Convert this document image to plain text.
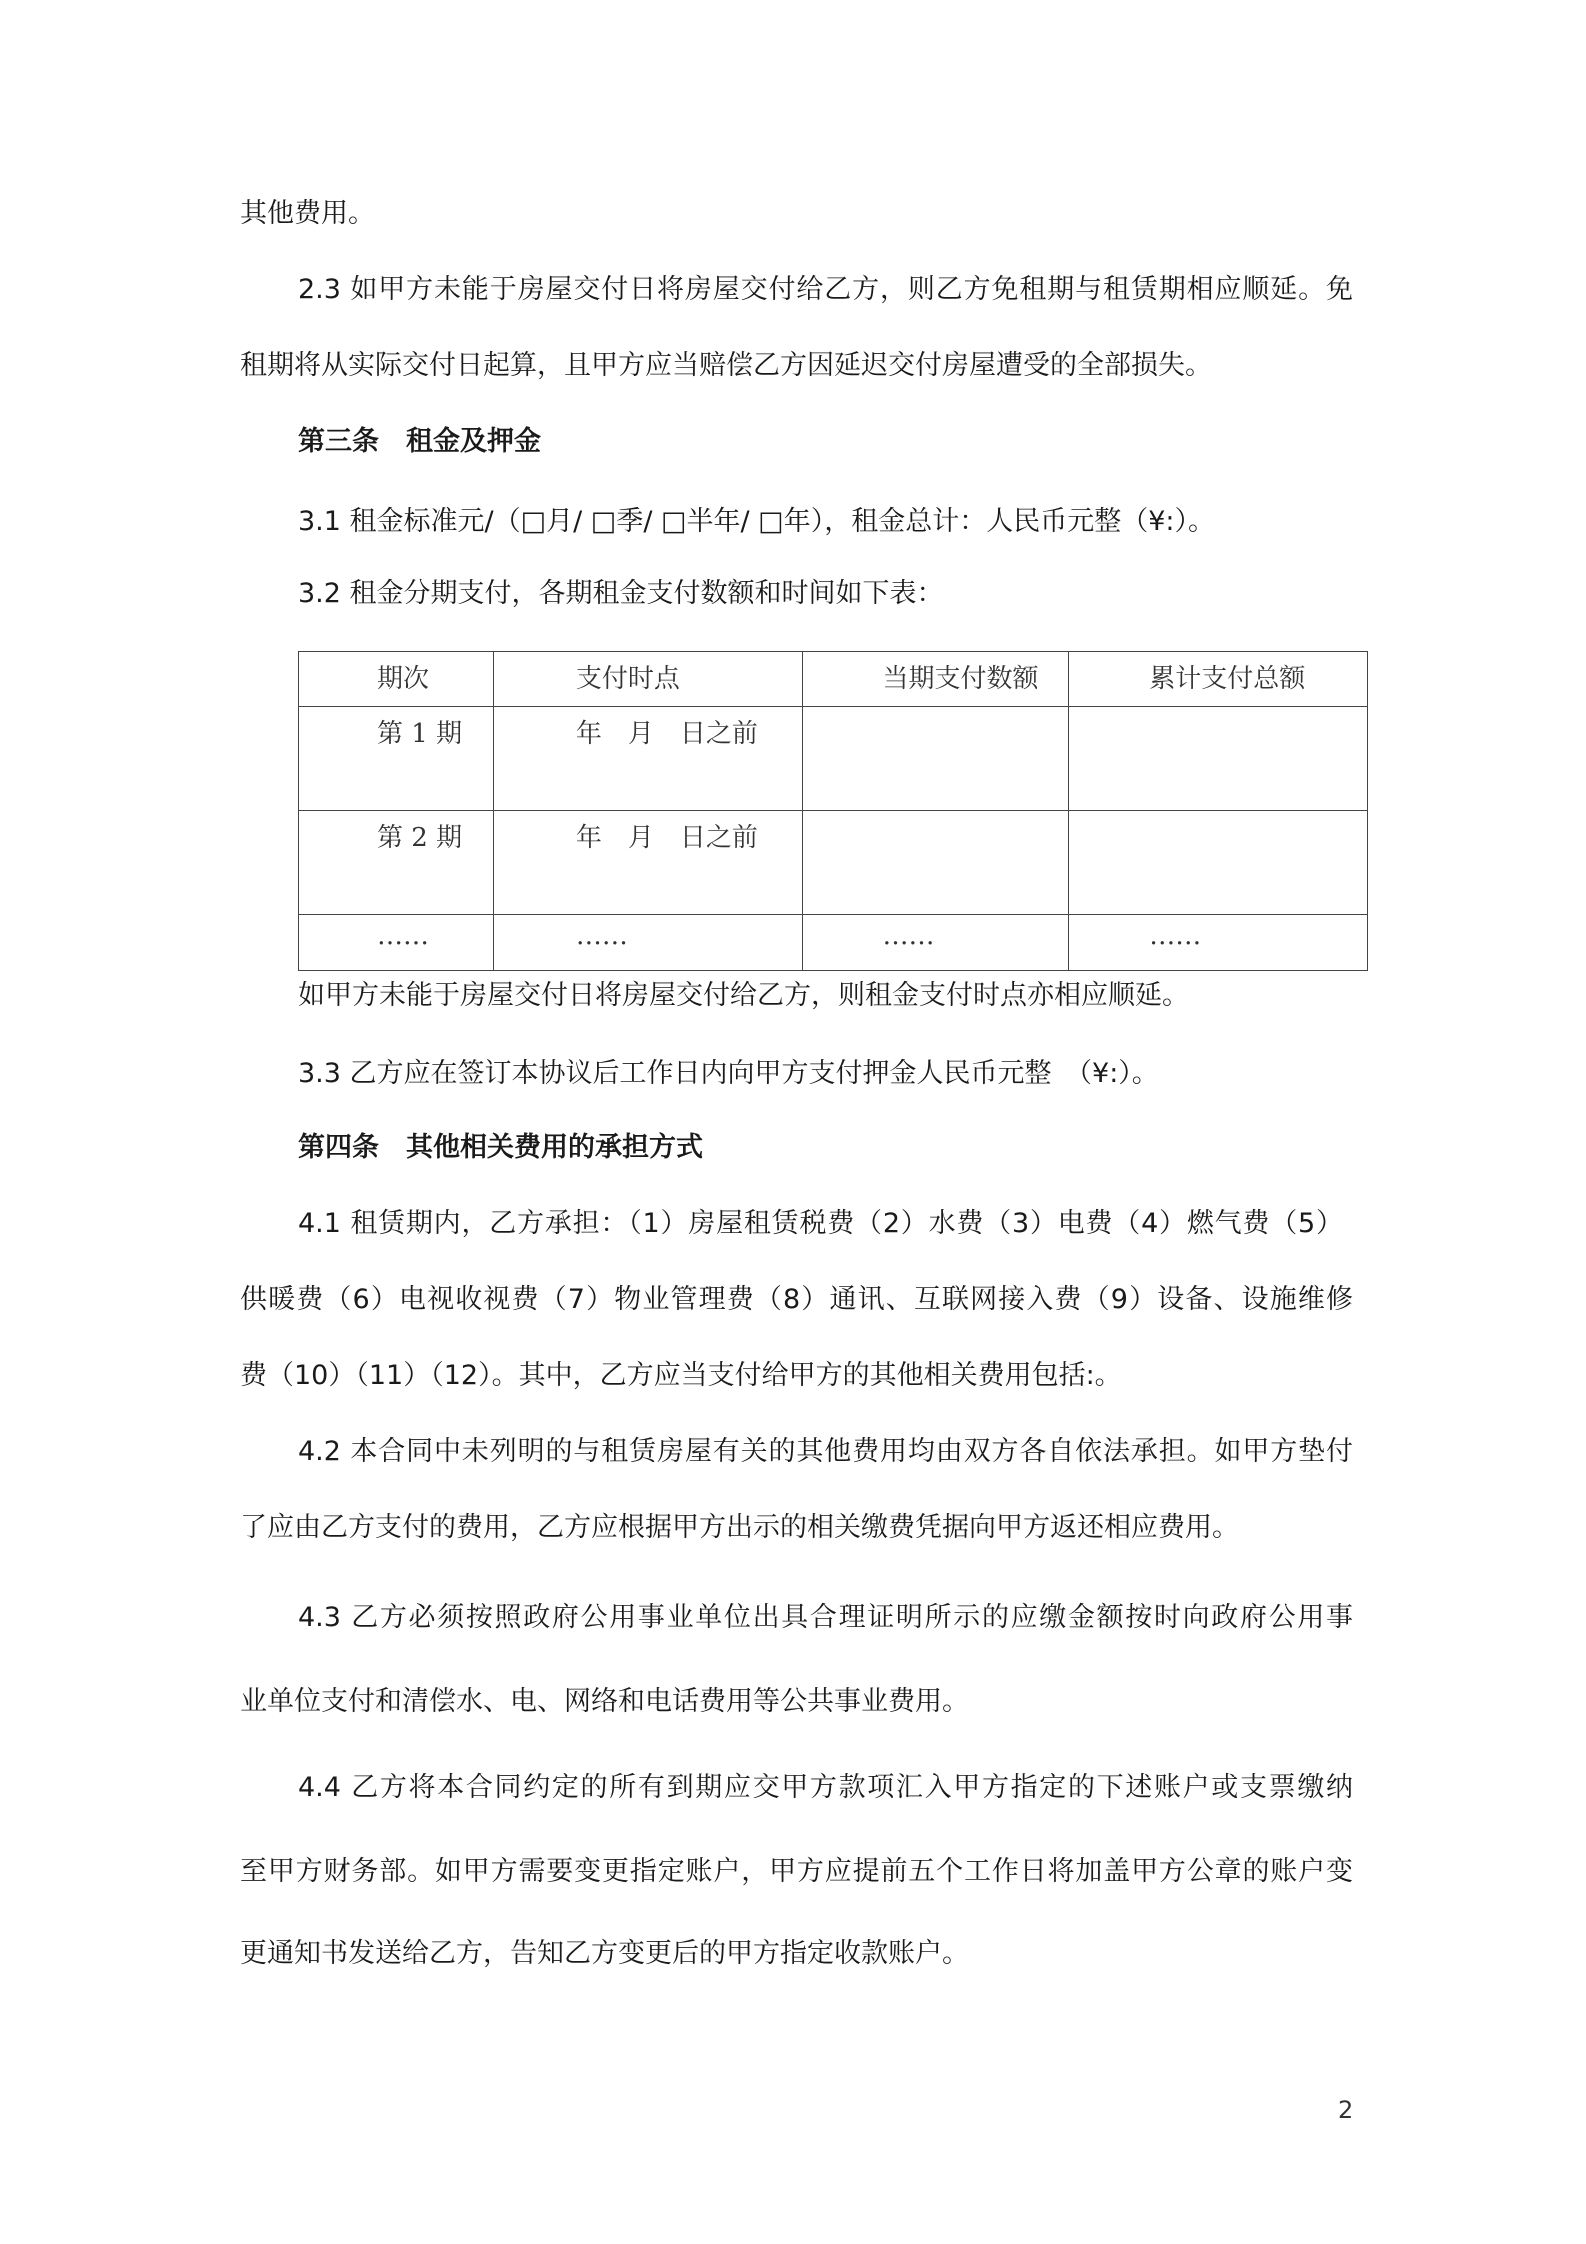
其他费用。
2.3 如甲方未能于房屋交付日将房屋交付给乙方，则乙方免租期与租赁期相应顺延。免
租期将从实际交付日起算，且甲方应当赔偿乙方因延迟交付房屋遭受的全部损失。
第三条　租金及押金
3.1 租金标准元/（□月/ □季/ □半年/ □年），租金总计：人民币元整（¥:）。
3.2 租金分期支付，各期租金支付数额和时间如下表：
期次	支付时点	当期支付数额	累计支付总额

第 1 期	年　月　日之前		

第 2 期	年　月　日之前		

……	……	……	……
如甲方未能于房屋交付日将房屋交付给乙方，则租金支付时点亦相应顺延。
3.3 乙方应在签订本协议后工作日内向甲方支付押金人民币元整　（¥:）。
第四条　其他相关费用的承担方式
4.1 租赁期内，乙方承担：（1）房屋租赁税费（2）水费（3）电费（4）燃气费（5）
供暖费（6）电视收视费（7）物业管理费（8）通讯、互联网接入费（9）设备、设施维修
费（10）（11）（12）。其中，乙方应当支付给甲方的其他相关费用包括:。
4.2 本合同中未列明的与租赁房屋有关的其他费用均由双方各自依法承担。如甲方垫付
了应由乙方支付的费用，乙方应根据甲方出示的相关缴费凭据向甲方返还相应费用。
4.3 乙方必须按照政府公用事业单位出具合理证明所示的应缴金额按时向政府公用事
业单位支付和清偿水、电、网络和电话费用等公共事业费用。
4.4 乙方将本合同约定的所有到期应交甲方款项汇入甲方指定的下述账户或支票缴纳
至甲方财务部。如甲方需要变更指定账户，甲方应提前五个工作日将加盖甲方公章的账户变
更通知书发送给乙方，告知乙方变更后的甲方指定收款账户。
2
